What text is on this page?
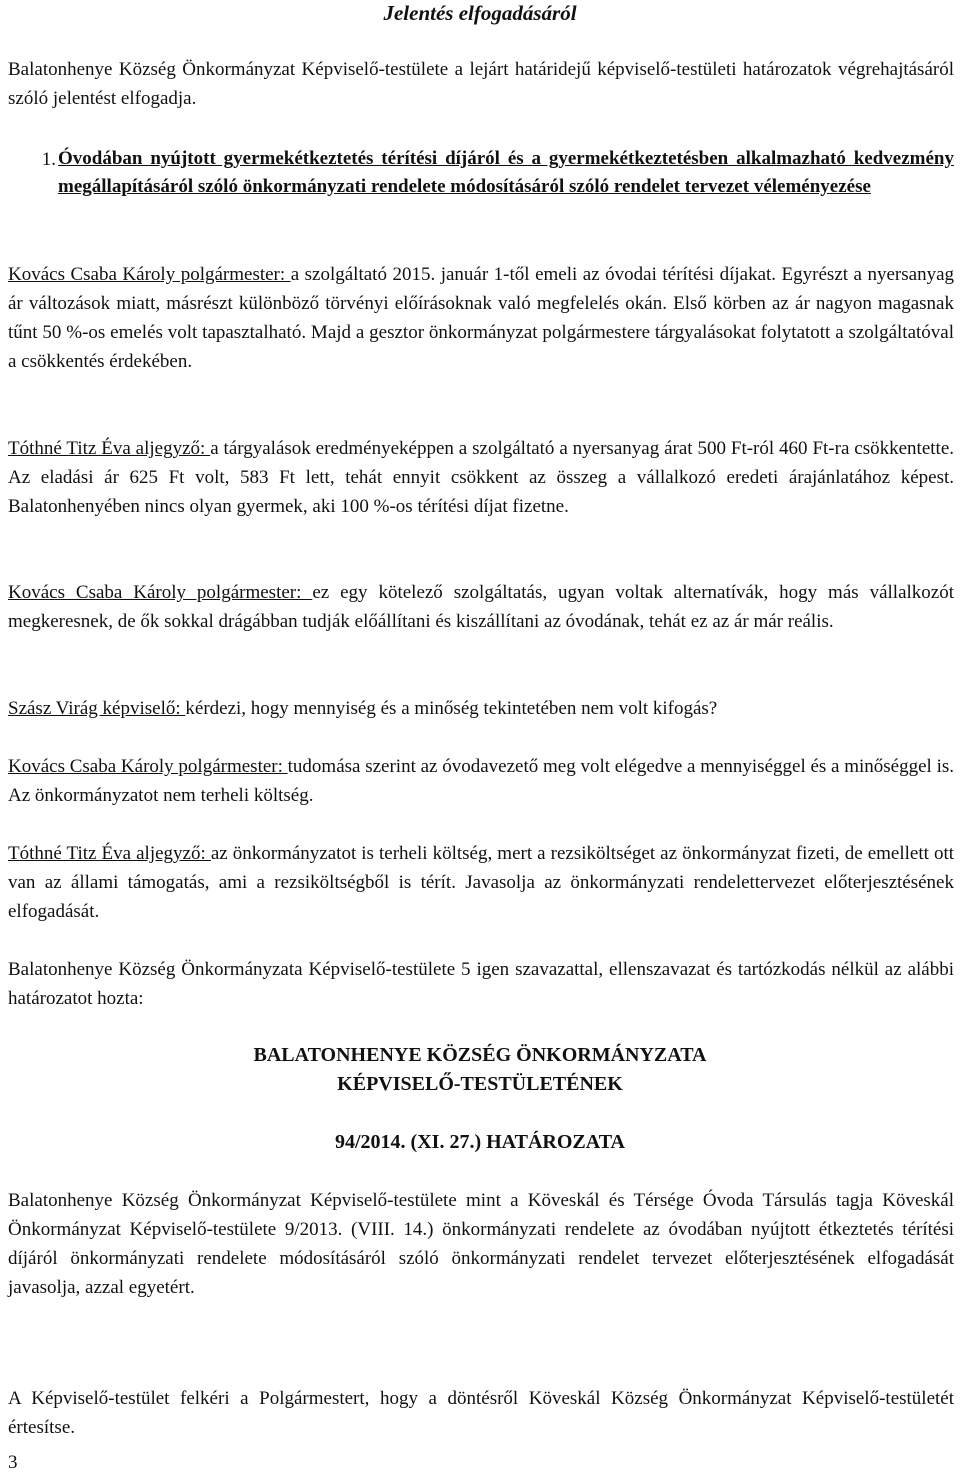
Jelentés elfogadásáról

Balatonhenye Község Önkormányzat Képviselő-testülete a lejárt határidejű képviselő-testületi határozatok végrehajtásáról szóló jelentést elfogadja.

1. Óvodában nyújtott gyermekétkeztetés térítési díjáról és a gyermekétkeztetésben alkalmazható kedvezmény megállapításáról szóló önkormányzati rendelete módosításáról szóló rendelet tervezet véleményezése

Kovács Csaba Károly polgármester: a szolgáltató 2015. január 1-től emeli az óvodai térítési díjakat. Egyrészt a nyersanyag ár változások miatt, másrészt különböző törvényi előírásoknak való megfelelés okán. Első körben az ár nagyon magasnak tűnt 50 %-os emelés volt tapasztalható. Majd a gesztor önkormányzat polgármestere tárgyalásokat folytatott a szolgáltatóval a csökkentés érdekében.

Tóthné Titz Éva aljegyző: a tárgyalások eredményeképpen a szolgáltató a nyersanyag árat 500 Ft-ról 460 Ft-ra csökkentette. Az eladási ár 625 Ft volt, 583 Ft lett, tehát ennyit csökkent az összeg a vállalkozó eredeti árajánlatához képest. Balatonhenyében nincs olyan gyermek, aki 100 %-os térítési díjat fizetne.

Kovács Csaba Károly polgármester: ez egy kötelező szolgáltatás, ugyan voltak alternatívák, hogy más vállalkozót megkeresnek, de ők sokkal drágábban tudják előállítani és kiszállítani az óvodának, tehát ez az ár már reális.

Szász Virág képviselő: kérdezi, hogy mennyiség és a minőség tekintetében nem volt kifogás?

Kovács Csaba Károly polgármester: tudomása szerint az óvodavezető meg volt elégedve a mennyiséggel és a minőséggel is. Az önkormányzatot nem terheli költség.

Tóthné Titz Éva aljegyző: az önkormányzatot is terheli költség, mert a rezsiköltséget az önkormányzat fizeti, de emellett ott van az állami támogatás, ami a rezsiköltségből is térít. Javasolja az önkormányzati rendelettervezet előterjesztésének elfogadását.

Balatonhenye Község Önkormányzata Képviselő-testülete 5 igen szavazattal, ellenszavazat és tartózkodás nélkül az alábbi határozatot hozta:

BALATONHENYE KÖZSÉG ÖNKORMÁNYZATA

KÉPVISELŐ-TESTÜLETÉNEK

94/2014. (XI. 27.) HATÁROZATA

Balatonhenye Község Önkormányzat Képviselő-testülete mint a Köveskál és Térsége Óvoda Társulás tagja Köveskál Önkormányzat Képviselő-testülete 9/2013. (VIII. 14.) önkormányzati rendelete az óvodában nyújtott étkeztetés térítési díjáról önkormányzati rendelete módosításáról szóló önkormányzati rendelet tervezet előterjesztésének elfogadását javasolja, azzal egyetért.

A Képviselő-testület felkéri a Polgármestert, hogy a döntésről Köveskál Község Önkormányzat Képviselő-testületét értesítse.

3
